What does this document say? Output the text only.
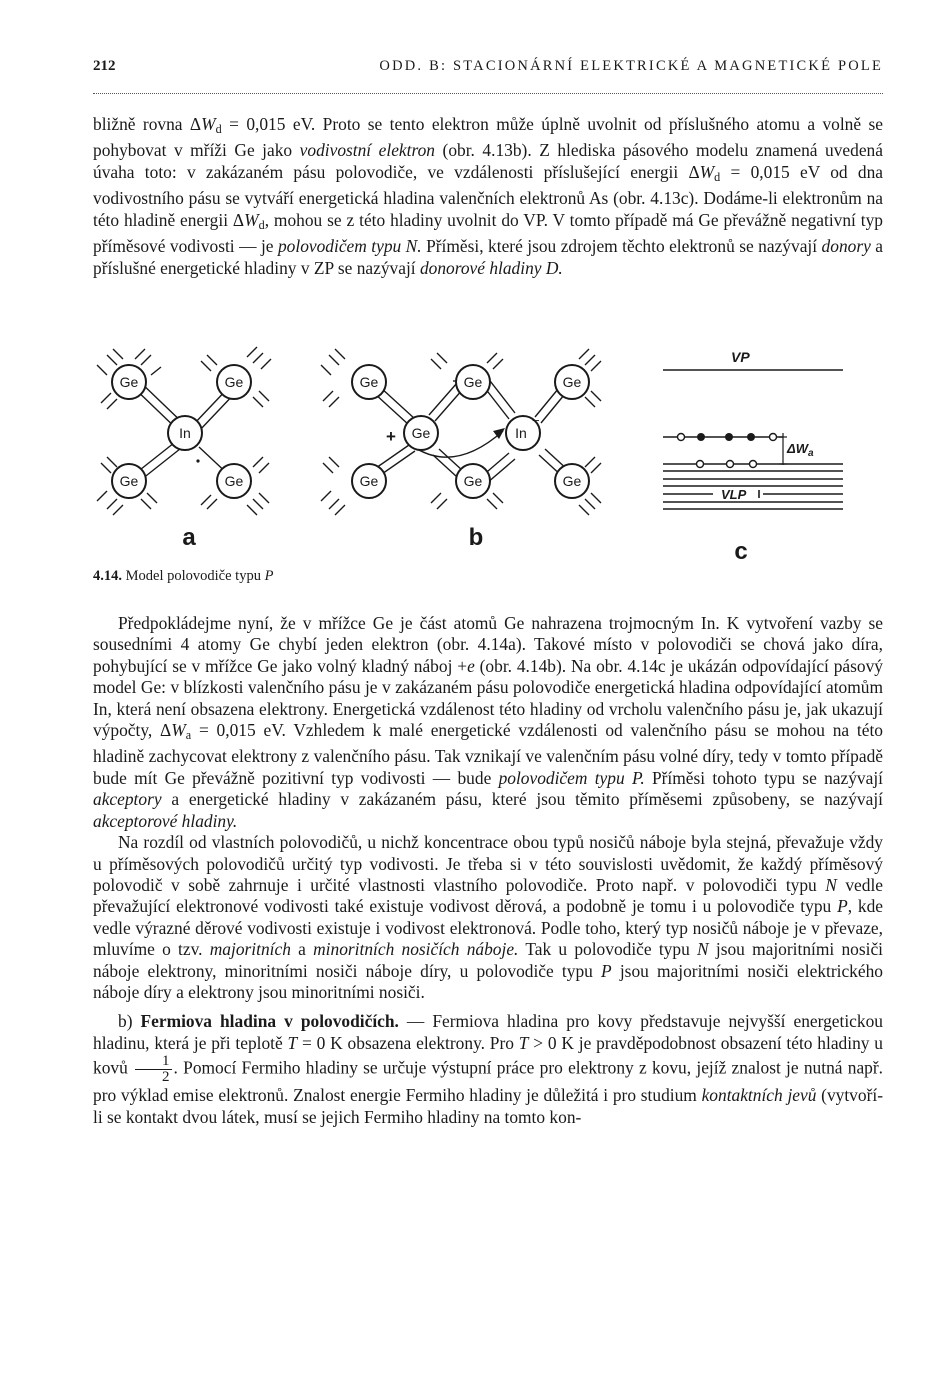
212	ODD. B: STACIONÁRNÍ ELEKTRICKÉ A MAGNETICKÉ POLE

bližně rovna $\Delta W_d = 0,015$ eV. Proto se tento elektron může úplně uvolnit od příslušného atomu a volně se pohybovat v mříži Ge jako vodivostní elektron (obr. 4.13b). Z hlediska pásového modelu znamená uvedená úvaha toto: v zakázaném pásu polovodiče, ve vzdálenosti příslušející energii $\Delta W_d = 0,015$ eV od dna vodivostního pásu se vytváří energetická hladina valenčních elektronů As (obr. 4.13c). Dodáme-li elektronům na této hladině energii $\Delta W_d$, mohou se z této hladiny uvolnit do VP. V tomto případě má Ge převážně negativní typ příměsové vodivosti — je polovodičem typu N. Příměsi, které jsou zdrojem těchto elektronů se nazývají donory a příslušné energetické hladiny v ZP se nazývají donorové hladiny D.

Ge	Ge
In
Ge	Ge
Ge	Ge	Ge
Ge	In
Ge	Ge	Ge
−
+
a	b
c
VP
VLP
$\Delta W_a$
4.14. Model polovodiče typu P

Předpokládejme nyní, že v mřížce Ge je část atomů Ge nahrazena trojmocným In. K vytvoření vazby se sousedními 4 atomy Ge chybí jeden elektron (obr. 4.14a). Takové místo v polovodiči se chová jako díra, pohybující se v mřížce Ge jako volný kladný náboj +e (obr. 4.14b). Na obr. 4.14c je ukázán odpovídající pásový model Ge: v blízkosti valenčního pásu je v zakázaném pásu polovodiče energetická hladina odpovídající atomům In, která není obsazena elektrony. Energetická vzdálenost této hladiny od vrcholu valenčního pásu je, jak ukazují výpočty, $\Delta W_a = 0,015$ eV. Vzhledem k malé energetické vzdálenosti od valenčního pásu se mohou na této hladině zachycovat elektrony z valenčního pásu. Tak vznikají ve valenčním pásu volné díry, tedy v tomto případě bude mít Ge převážně pozitivní typ vodivosti — bude polovodičem typu P. Příměsi tohoto typu se nazývají akceptory a energetické hladiny v zakázaném pásu, které jsou těmito příměsemi způsobeny, se nazývají akceptorové hladiny.

Na rozdíl od vlastních polovodičů, u nichž koncentrace obou typů nosičů náboje byla stejná, převažuje vždy u příměsových polovodičů určitý typ vodivosti. Je třeba si v této souvislosti uvědomit, že každý příměsový polovodič v sobě zahrnuje i určité vlastnosti vlastního polovodiče. Proto např. v polovodiči typu N vedle převažující elektronové vodivosti také existuje vodivost děrová, a podobně je tomu i u polovodiče typu P, kde vedle výrazné děrové vodivosti existuje i vodivost elektronová. Podle toho, který typ nosičů náboje je v převaze, mluvíme o tzv. majoritních a minoritních nosičích náboje. Tak u polovodiče typu N jsou majoritními nosiči náboje elektrony, minoritními nosiči náboje díry, u polovodiče typu P jsou majoritními nosiči elektrického náboje díry a elektrony jsou minoritními nosiči.

b) Fermiova hladina v polovodičích. — Fermiova hladina pro kovy představuje nejvyšší energetickou hladinu, která je při teplotě T = 0 K obsazena elektrony. Pro T > 0 K je pravděpodobnost obsazení této hladiny u kovů $\frac{1}{2}$ . Pomocí Fermiho hladiny se určuje výstupní práce pro elektrony z kovu, jejíž znalost je nutná např. pro výklad emise elektronů. Znalost energie Fermiho hladiny je důležitá i pro studium kontaktních jevů (vytvoří-li se kontakt dvou látek, musí se jejich Fermiho hladiny na tomto kon-
